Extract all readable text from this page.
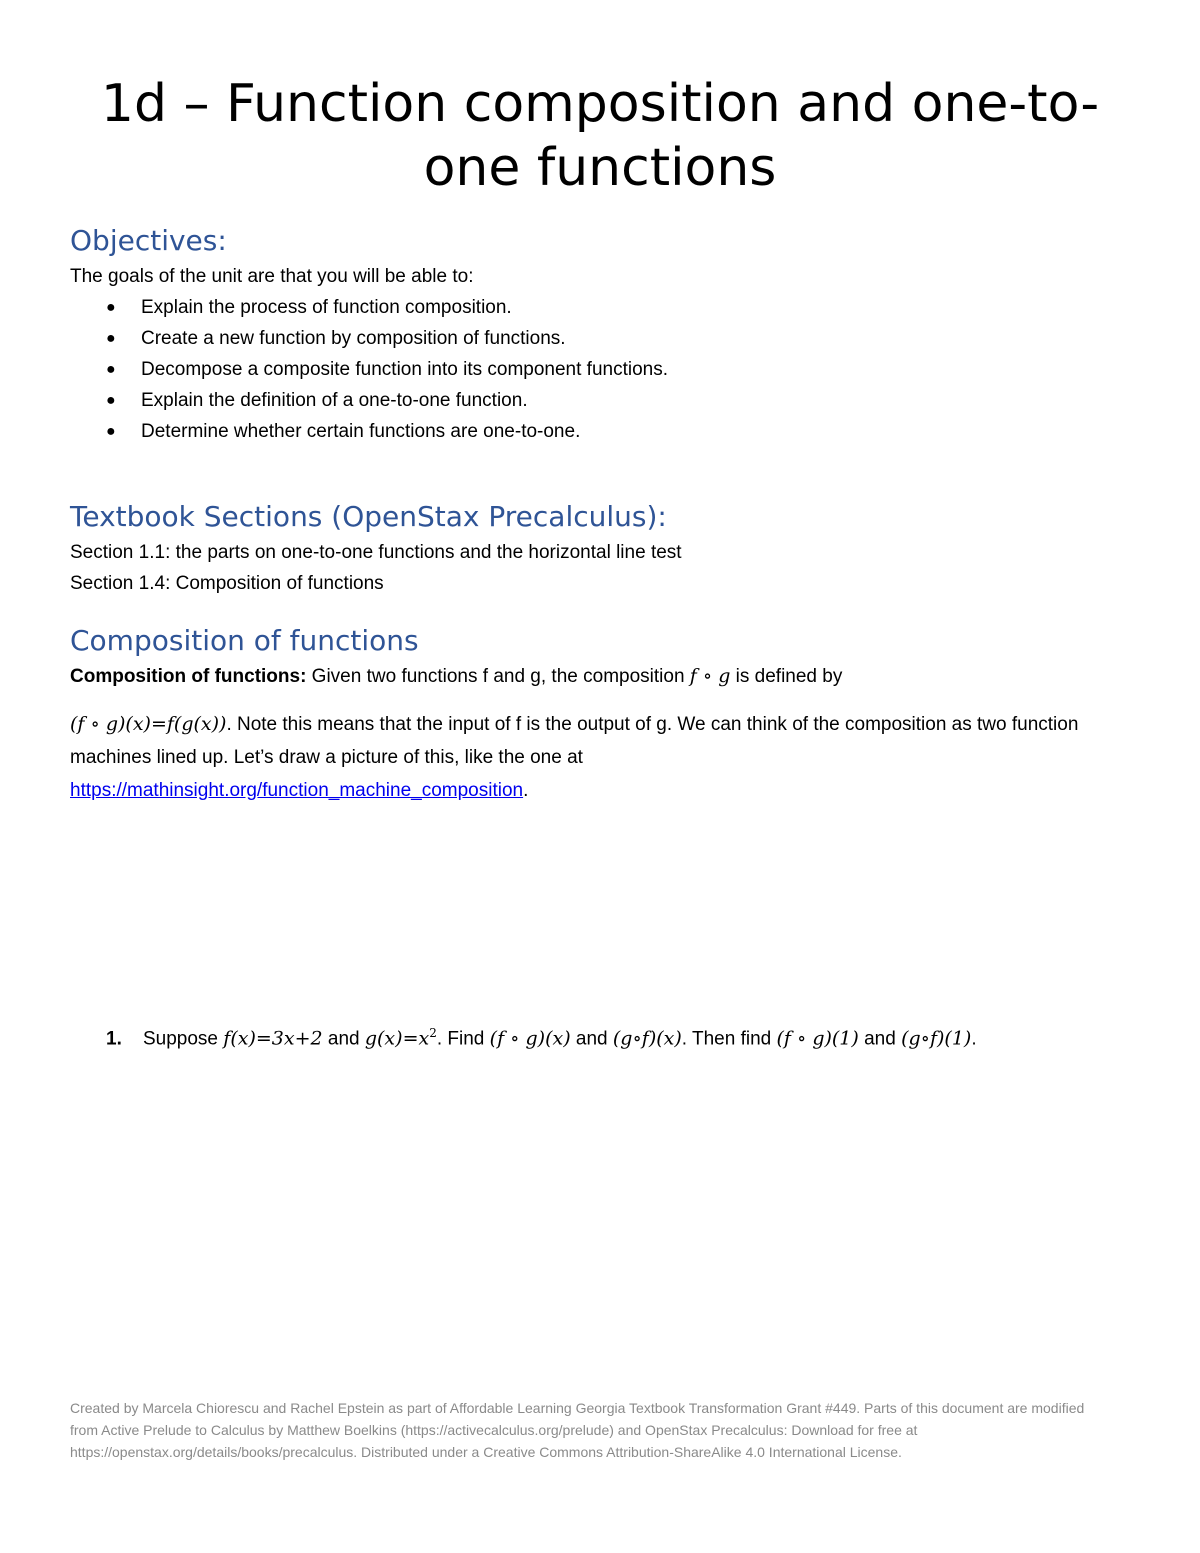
1d – Function composition and one-to-one functions
Objectives:

The goals of the unit are that you will be able to:

● Explain the process of function composition.
● Create a new function by composition of functions.
● Decompose a composite function into its component functions.
● Explain the definition of a one-to-one function.
● Determine whether certain functions are one-to-one.
Textbook Sections (OpenStax Precalculus):

Section 1.1: the parts on one-to-one functions and the horizontal line test

Section 1.4: Composition of functions

Composition of functions

Composition of functions: Given two functions f and g, the composition f ∘ g is defined by

(f ∘ g)(x)=f(g(x)). Note this means that the input of f is the output of g. We can think of the composition as two function machines lined up. Let’s draw a picture of this, like the one at
https://mathinsight.org/function_machine_composition.

1. Suppose f(x)=3x+2 and $g(x)=x^2$. Find (f ∘ g)(x) and (g∘f)(x). Then find (f ∘ g)(1) and (g∘f)(1).

Created by Marcela Chiorescu and Rachel Epstein as part of Affordable Learning Georgia Textbook Transformation Grant #449. Parts of this document are modified from Active Prelude to Calculus by Matthew Boelkins (https://activecalculus.org/prelude) and OpenStax Precalculus: Download for free at https://openstax.org/details/books/precalculus. Distributed under a Creative Commons Attribution-ShareAlike 4.0 International License.
